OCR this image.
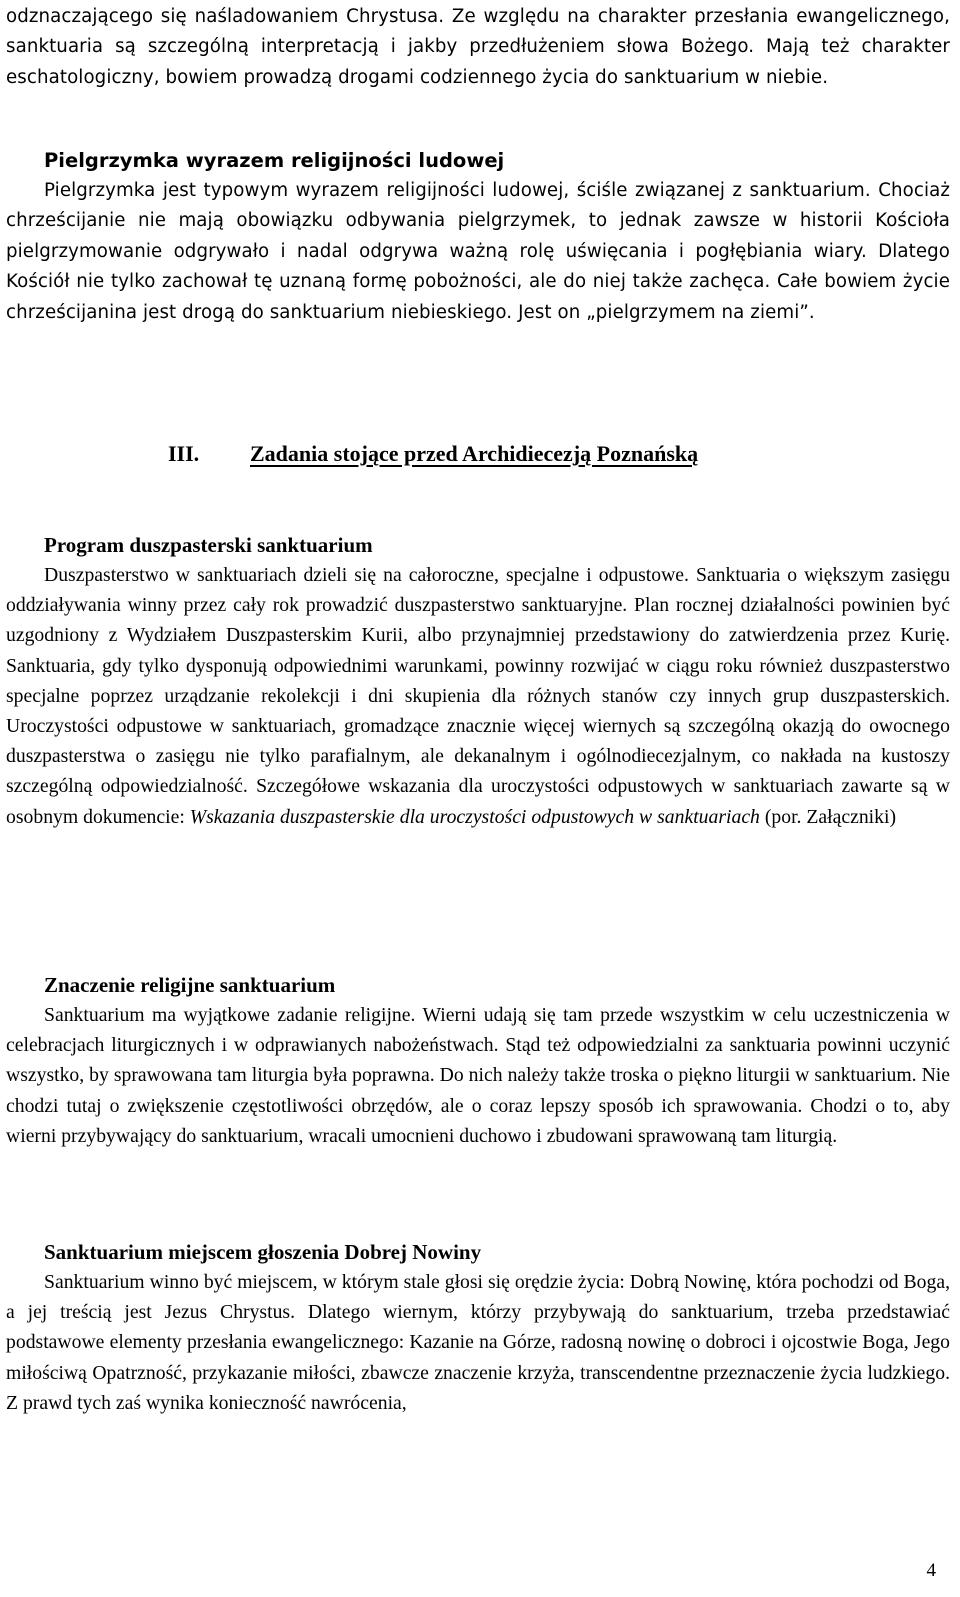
odznaczającego się naśladowaniem Chrystusa. Ze względu na charakter przesłania ewangelicznego, sanktuaria są szczególną interpretacją i jakby przedłużeniem słowa Bożego. Mają też charakter eschatologiczny, bowiem prowadzą drogami codziennego życia do sanktuarium w niebie.

Pielgrzymka wyrazem religijności ludowej

Pielgrzymka jest typowym wyrazem religijności ludowej, ściśle związanej z sanktuarium. Chociaż chrześcijanie nie mają obowiązku odbywania pielgrzymek, to jednak zawsze w historii Kościoła pielgrzymowanie odgrywało i nadal odgrywa ważną rolę uświęcania i pogłębiania wiary. Dlatego Kościół nie tylko zachował tę uznaną formę pobożności, ale do niej także zachęca. Całe bowiem życie chrześcijanina jest drogą do sanktuarium niebieskiego. Jest on „pielgrzymem na ziemi”.

III. Zadania stojące przed Archidiecezją Poznańską
Program duszpasterski sanktuarium

Duszpasterstwo w sanktuariach dzieli się na całoroczne, specjalne i odpustowe. Sanktuaria o większym zasięgu oddziaływania winny przez cały rok prowadzić duszpasterstwo sanktuaryjne. Plan rocznej działalności powinien być uzgodniony z Wydziałem Duszpasterskim Kurii, albo przynajmniej przedstawiony do zatwierdzenia przez Kurię. Sanktuaria, gdy tylko dysponują odpowiednimi warunkami, powinny rozwijać w ciągu roku również duszpasterstwo specjalne poprzez urządzanie rekolekcji i dni skupienia dla różnych stanów czy innych grup duszpasterskich. Uroczystości odpustowe w sanktuariach, gromadzące znacznie więcej wiernych są szczególną okazją do owocnego duszpasterstwa o zasięgu nie tylko parafialnym, ale dekanalnym i ogólnodiecezjalnym, co nakłada na kustoszy szczególną odpowiedzialność. Szczegółowe wskazania dla uroczystości odpustowych w sanktuariach zawarte są w osobnym dokumencie: Wskazania duszpasterskie dla uroczystości odpustowych w sanktuariach (por. Załączniki)

Znaczenie religijne sanktuarium

Sanktuarium ma wyjątkowe zadanie religijne. Wierni udają się tam przede wszystkim w celu uczestniczenia w celebracjach liturgicznych i w odprawianych nabożeństwach. Stąd też odpowiedzialni za sanktuaria powinni uczynić wszystko, by sprawowana tam liturgia była poprawna. Do nich należy także troska o piękno liturgii w sanktuarium. Nie chodzi tutaj o zwiększenie częstotliwości obrzędów, ale o coraz lepszy sposób ich sprawowania. Chodzi o to, aby wierni przybywający do sanktuarium, wracali umocnieni duchowo i zbudowani sprawowaną tam liturgią.

Sanktuarium miejscem głoszenia Dobrej Nowiny

Sanktuarium winno być miejscem, w którym stale głosi się orędzie życia: Dobrą Nowinę, która pochodzi od Boga, a jej treścią jest Jezus Chrystus. Dlatego wiernym, którzy przybywają do sanktuarium, trzeba przedstawiać podstawowe elementy przesłania ewangelicznego: Kazanie na Górze, radosną nowinę o dobroci i ojcostwie Boga, Jego miłościwą Opatrzność, przykazanie miłości, zbawcze znaczenie krzyża, transcendentne przeznaczenie życia ludzkiego. Z prawd tych zaś wynika konieczność nawrócenia,

4
